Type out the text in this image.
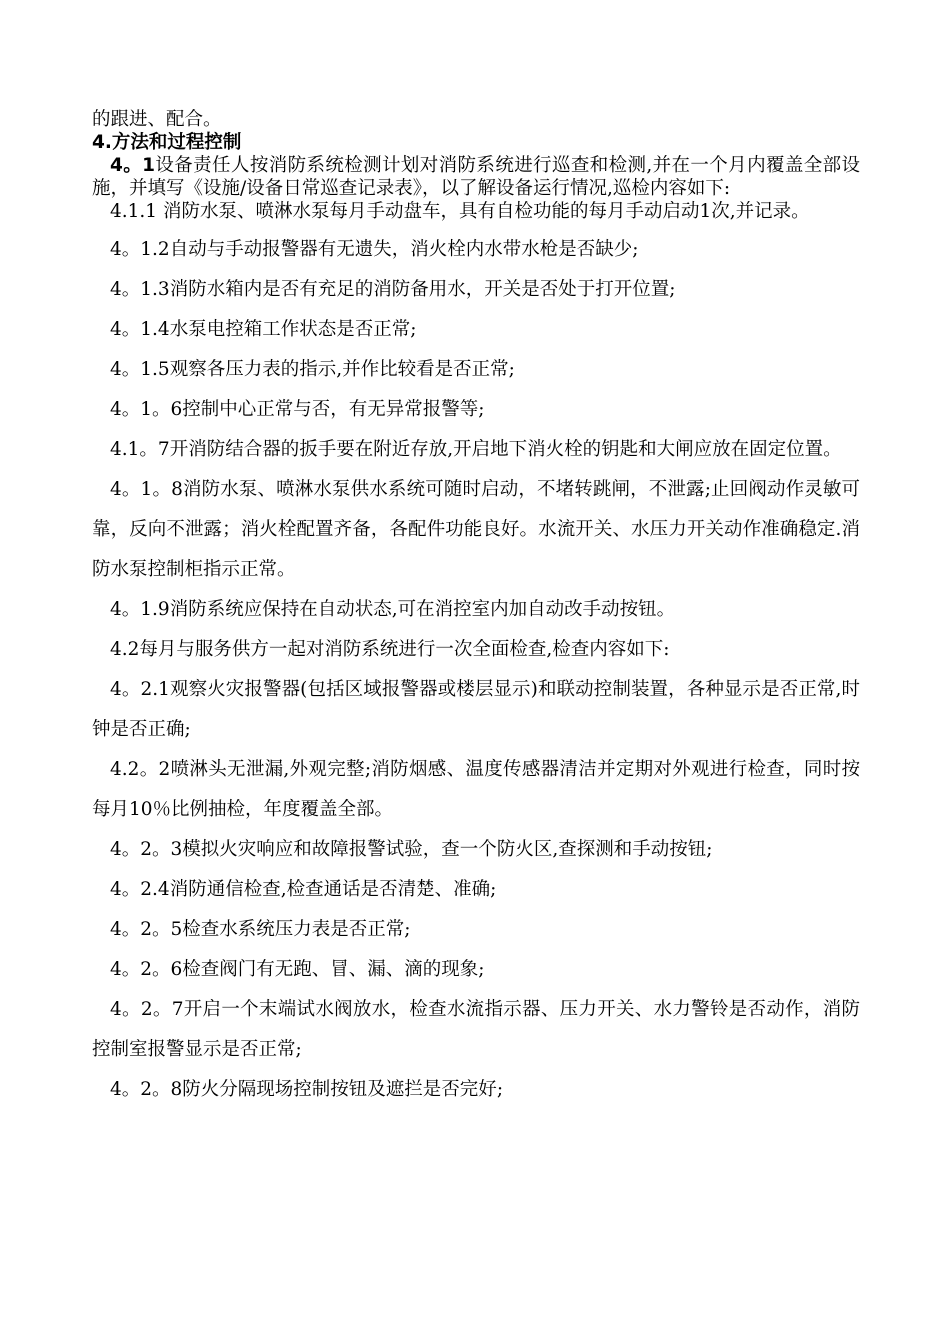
的跟进、配合。

4.方法和过程控制

4。1设备责任人按消防系统检测计划对消防系统进行巡查和检测,并在一个月内覆盖全部设施，并填写《设施/设备日常巡查记录表》，以了解设备运行情况,巡检内容如下:

4.1.1 消防水泵、喷淋水泵每月手动盘车，具有自检功能的每月手动启动1次,并记录。

4。1.2自动与手动报警器有无遗失，消火栓内水带水枪是否缺少;

4。1.3消防水箱内是否有充足的消防备用水，开关是否处于打开位置;

4。1.4水泵电控箱工作状态是否正常;

4。1.5观察各压力表的指示,并作比较看是否正常;

4。1。6控制中心正常与否，有无异常报警等;

4.1。7开消防结合器的扳手要在附近存放,开启地下消火栓的钥匙和大闸应放在固定位置。

4。1。8消防水泵、喷淋水泵供水系统可随时启动，不堵转跳闸，不泄露;止回阀动作灵敏可靠，反向不泄露；消火栓配置齐备，各配件功能良好。水流开关、水压力开关动作准确稳定.消防水泵控制柜指示正常。

4。1.9消防系统应保持在自动状态,可在消控室内加自动改手动按钮。

4.2每月与服务供方一起对消防系统进行一次全面检查,检查内容如下:

4。2.1观察火灾报警器(包括区域报警器或楼层显示)和联动控制装置，各种显示是否正常,时钟是否正确;

4.2。2喷淋头无泄漏,外观完整;消防烟感、温度传感器清洁并定期对外观进行检查，同时按每月10％比例抽检，年度覆盖全部。

4。2。3模拟火灾响应和故障报警试验，查一个防火区,查探测和手动按钮;

4。2.4消防通信检查,检查通话是否清楚、准确;

4。2。5检查水系统压力表是否正常;

4。2。6检查阀门有无跑、冒、漏、滴的现象;

4。2。7开启一个末端试水阀放水，检查水流指示器、压力开关、水力警铃是否动作，消防控制室报警显示是否正常;

4。2。8防火分隔现场控制按钮及遮拦是否完好;
